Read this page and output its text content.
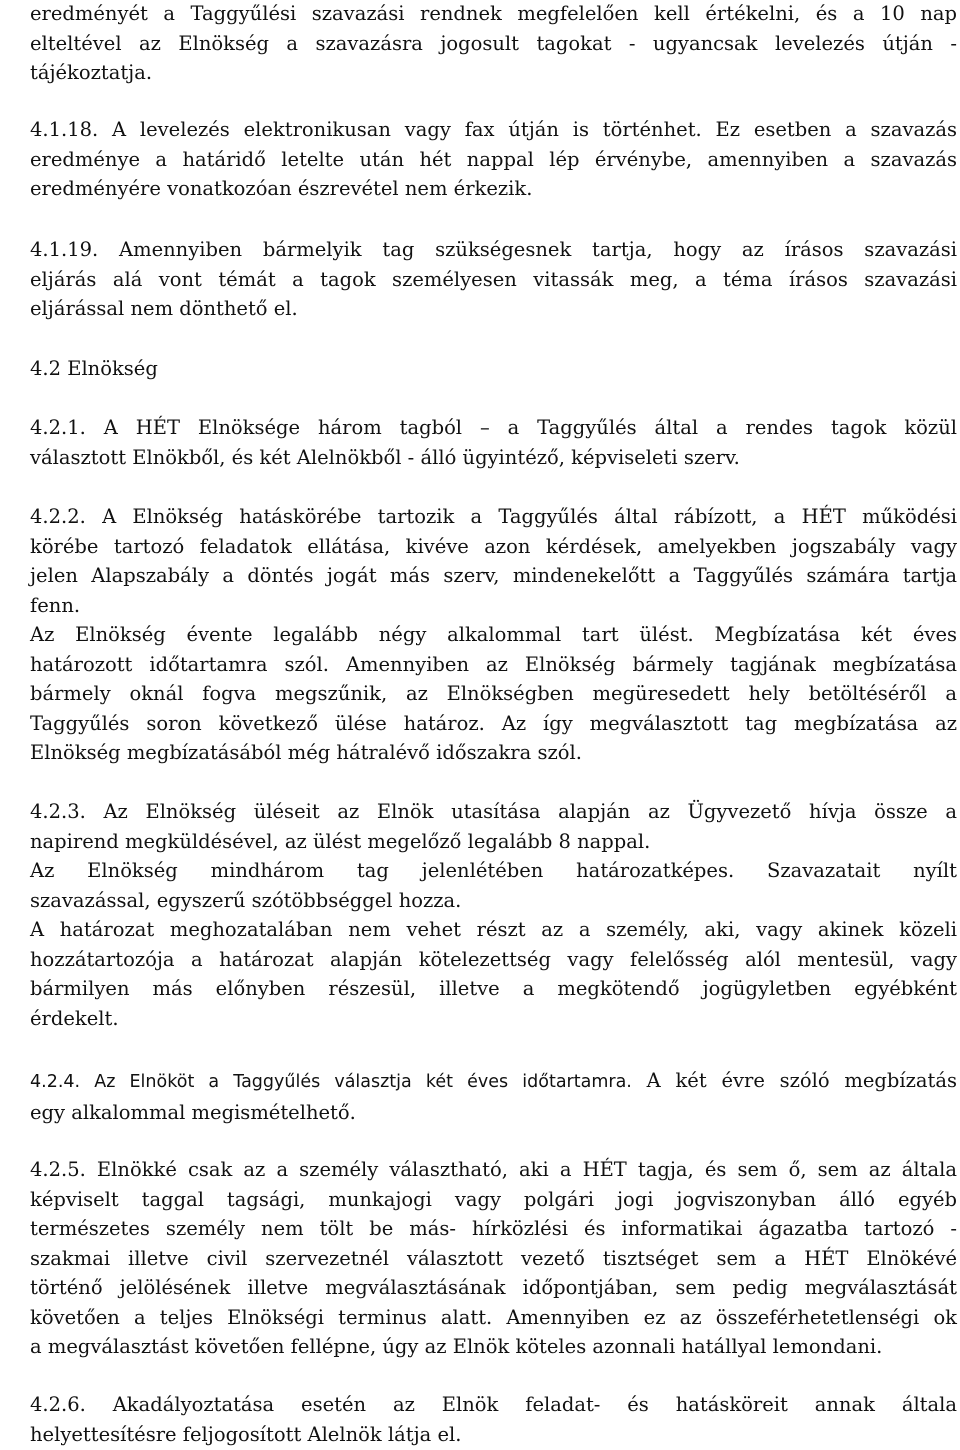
eredményét a Taggyűlési szavazási rendnek megfelelően kell értékelni, és a 10 nap
elteltével az Elnökség a szavazásra jogosult tagokat - ugyancsak levelezés útján -
tájékoztatja.
4.1.18. A levelezés elektronikusan vagy fax útján is történhet. Ez esetben a szavazás
eredménye a határidő letelte után hét nappal lép érvénybe, amennyiben a szavazás
eredményére vonatkozóan észrevétel nem érkezik.
4.1.19. Amennyiben bármelyik tag szükségesnek tartja, hogy az írásos szavazási
eljárás alá vont témát a tagok személyesen vitassák meg, a téma írásos szavazási
eljárással nem dönthető el.
4.2 Elnökség
4.2.1. A HÉT Elnöksége három tagból – a Taggyűlés által a rendes tagok közül
választott Elnökből, és két Alelnökből - álló ügyintéző, képviseleti szerv.
4.2.2. A Elnökség hatáskörébe tartozik a Taggyűlés által rábízott, a HÉT működési
körébe tartozó feladatok ellátása, kivéve azon kérdések, amelyekben jogszabály vagy
jelen Alapszabály a döntés jogát más szerv, mindenekelőtt a Taggyűlés számára tartja
fenn.
Az Elnökség évente legalább négy alkalommal tart ülést. Megbízatása két éves
határozott időtartamra szól. Amennyiben az Elnökség bármely tagjának megbízatása
bármely oknál fogva megszűnik, az Elnökségben megüresedett hely betöltéséről a
Taggyűlés soron következő ülése határoz. Az így megválasztott tag megbízatása az
Elnökség megbízatásából még hátralévő időszakra szól.
4.2.3. Az Elnökség üléseit az Elnök utasítása alapján az Ügyvezető hívja össze a
napirend megküldésével, az ülést megelőző legalább 8 nappal.
Az Elnökség mindhárom tag jelenlétében határozatképes. Szavazatait nyílt
szavazással, egyszerű szótöbbséggel hozza.
A határozat meghozatalában nem vehet részt az a személy, aki, vagy akinek közeli
hozzátartozója a határozat alapján kötelezettség vagy felelősség alól mentesül, vagy
bármilyen más előnyben részesül, illetve a megkötendő jogügyletben egyébként
érdekelt.
4.2.4. Az Elnököt a Taggyűlés választja két éves időtartamra. A két évre szóló megbízatás
egy alkalommal megismételhető.
4.2.5. Elnökké csak az a személy választható, aki a HÉT tagja, és sem ő, sem az általa
képviselt taggal tagsági, munkajogi vagy polgári jogi jogviszonyban álló egyéb
természetes személy nem tölt be más- hírközlési és informatikai ágazatba tartozó -
szakmai illetve civil szervezetnél választott vezető tisztséget sem a HÉT Elnökévé
történő jelölésének illetve megválasztásának időpontjában, sem pedig megválasztását
követően a teljes Elnökségi terminus alatt. Amennyiben ez az összeférhetetlenségi ok
a megválasztást követően fellépne, úgy az Elnök köteles azonnali hatállyal lemondani.
4.2.6. Akadályoztatása esetén az Elnök feladat- és hatásköreit annak általa
helyettesítésre feljogosított Alelnök látja el.
